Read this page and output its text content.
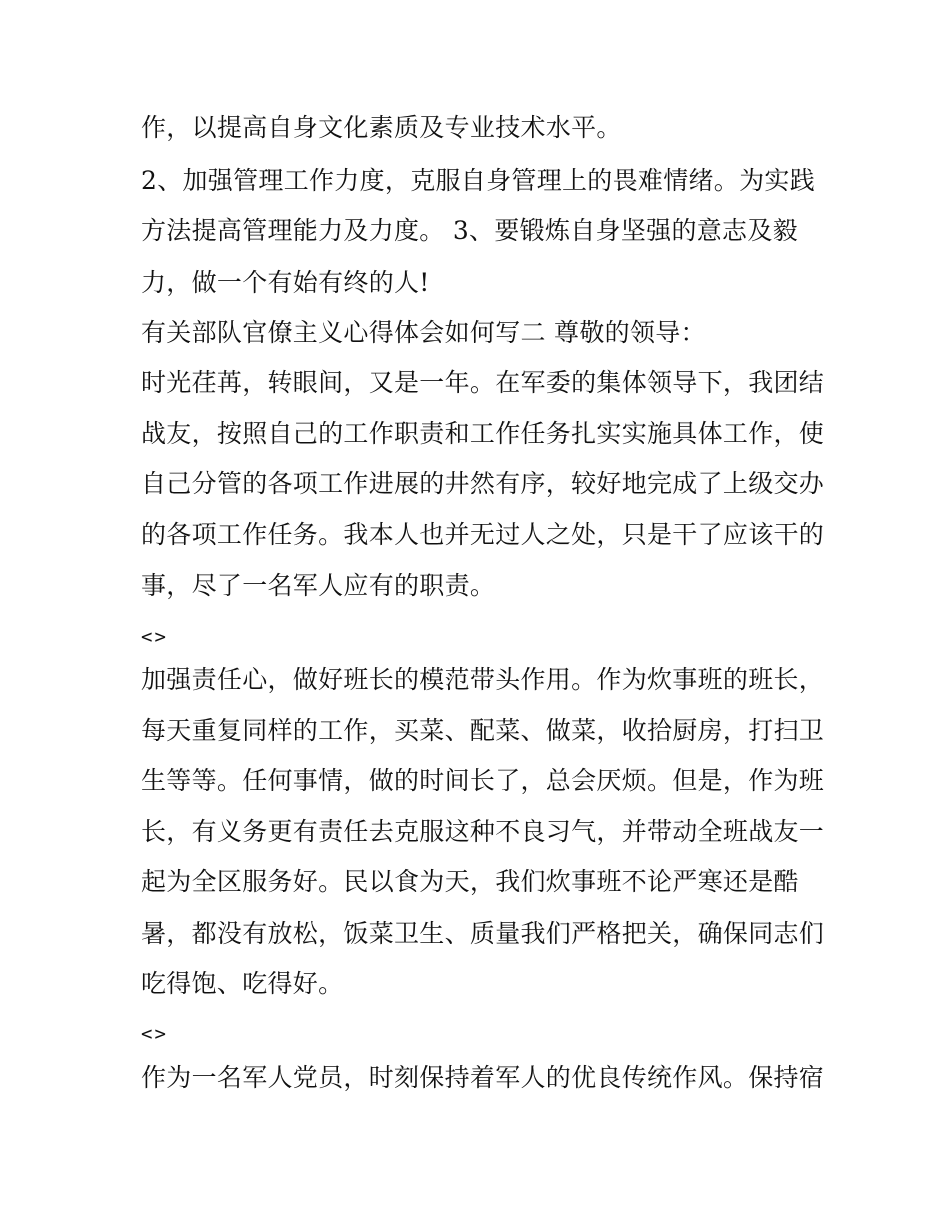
作，以提高自身文化素质及专业技术水平。
2、加强管理工作力度，克服自身管理上的畏难情绪。为实践
方法提高管理能力及力度。 3、要锻炼自身坚强的意志及毅
力，做一个有始有终的人!
有关部队官僚主义心得体会如何写二 尊敬的领导：
时光荏苒，转眼间，又是一年。在军委的集体领导下，我团结
战友，按照自己的工作职责和工作任务扎实实施具体工作，使
自己分管的各项工作进展的井然有序，较好地完成了上级交办
的各项工作任务。我本人也并无过人之处，只是干了应该干的
事，尽了一名军人应有的职责。
<>
加强责任心，做好班长的模范带头作用。作为炊事班的班长，
每天重复同样的工作，买菜、配菜、做菜，收拾厨房，打扫卫
生等等。任何事情，做的时间长了，总会厌烦。但是，作为班
长，有义务更有责任去克服这种不良习气，并带动全班战友一
起为全区服务好。民以食为天，我们炊事班不论严寒还是酷
暑，都没有放松，饭菜卫生、质量我们严格把关，确保同志们
吃得饱、吃得好。
<>
作为一名军人党员，时刻保持着军人的优良传统作风。保持宿
